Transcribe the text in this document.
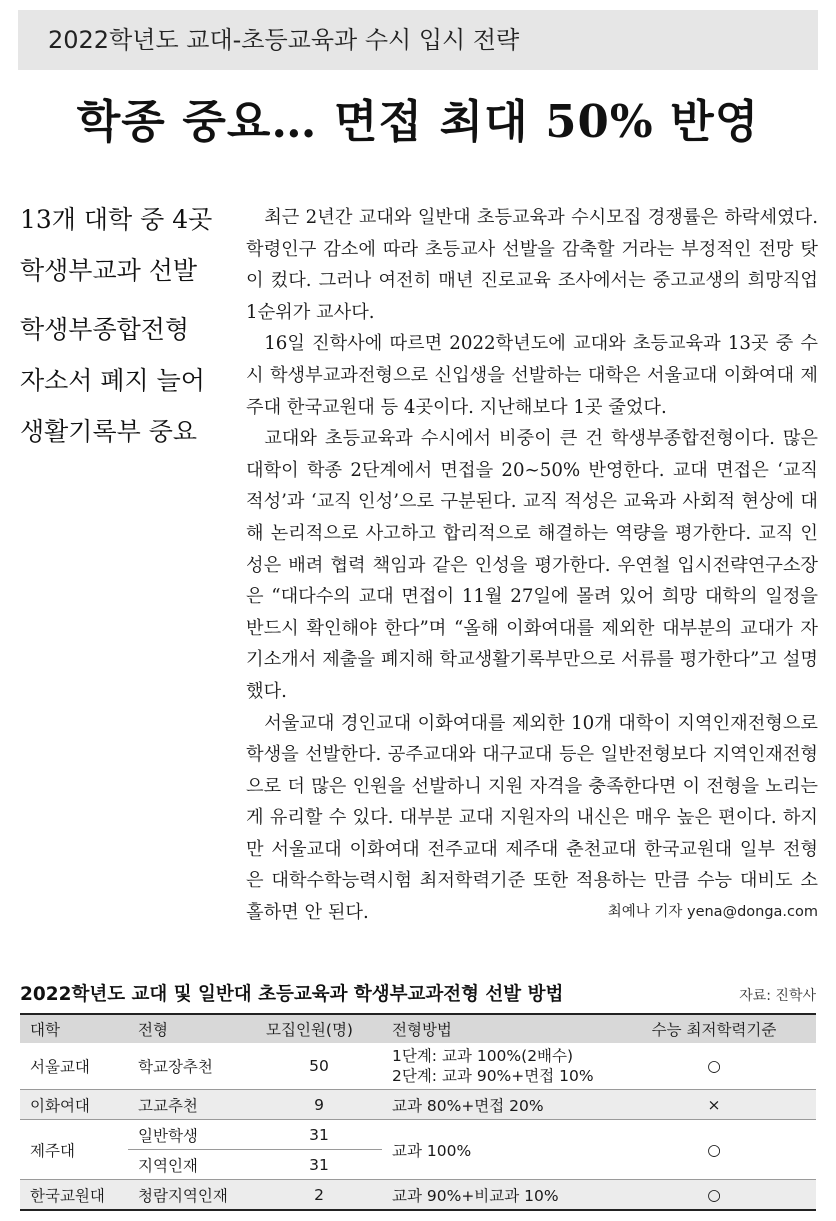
2022학년도 교대-초등교육과 수시 입시 전략
학종 중요… 면접 최대 50% 반영
13개 대학 중 4곳
학생부교과 선발
학생부종합전형
자소서 폐지 늘어
생활기록부 중요

최근 2년간 교대와 일반대 초등교육과 수시모집 경쟁률은 하락세였다. 학령인구 감소에 따라 초등교사 선발을 감축할 거라는 부정적인 전망 탓이 컸다. 그러나 여전히 매년 진로교육 조사에서는 중고교생의 희망직업 1순위가 교사다.

16일 진학사에 따르면 2022학년도에 교대와 초등교육과 13곳 중 수시 학생부교과전형으로 신입생을 선발하는 대학은 서울교대 이화여대 제주대 한국교원대 등 4곳이다. 지난해보다 1곳 줄었다.

교대와 초등교육과 수시에서 비중이 큰 건 학생부종합전형이다. 많은 대학이 학종 2단계에서 면접을 20∼50% 반영한다. 교대 면접은 ‘교직 적성’과 ‘교직 인성’으로 구분된다. 교직 적성은 교육과 사회적 현상에 대해 논리적으로 사고하고 합리적으로 해결하는 역량을 평가한다. 교직 인성은 배려 협력 책임과 같은 인성을 평가한다. 우연철 입시전략연구소장은 “대다수의 교대 면접이 11월 27일에 몰려 있어 희망 대학의 일정을 반드시 확인해야 한다”며 “올해 이화여대를 제외한 대부분의 교대가 자기소개서 제출을 폐지해 학교생활기록부만으로 서류를 평가한다”고 설명했다.

서울교대 경인교대 이화여대를 제외한 10개 대학이 지역인재전형으로 학생을 선발한다. 공주교대와 대구교대 등은 일반전형보다 지역인재전형으로 더 많은 인원을 선발하니 지원 자격을 충족한다면 이 전형을 노리는 게 유리할 수 있다. 대부분 교대 지원자의 내신은 매우 높은 편이다. 하지만 서울교대 이화여대 전주교대 제주대 춘천교대 한국교원대 일부 전형은 대학수학능력시험 최저학력기준 또한 적용하는 만큼 수능 대비도 소홀하면 안 된다.	최예나 기자 yena@donga.com

2022학년도 교대 및 일반대 초등교육과 학생부교과전형 선발 방법	자료: 진학사
대학	전형	모집인원(명)	전형방법	수능 최저학력기준
서울교대	학교장추천	50	1단계: 교과 100%(2배수)
2단계: 교과 90%+면접 10%	○
이화여대	고교추천	9	교과 80%+면접 20%	×
제주대	일반학생	31	교과 100%	○
	지역인재	31		
한국교원대	청람지역인재	2	교과 90%+비교과 10%	○
